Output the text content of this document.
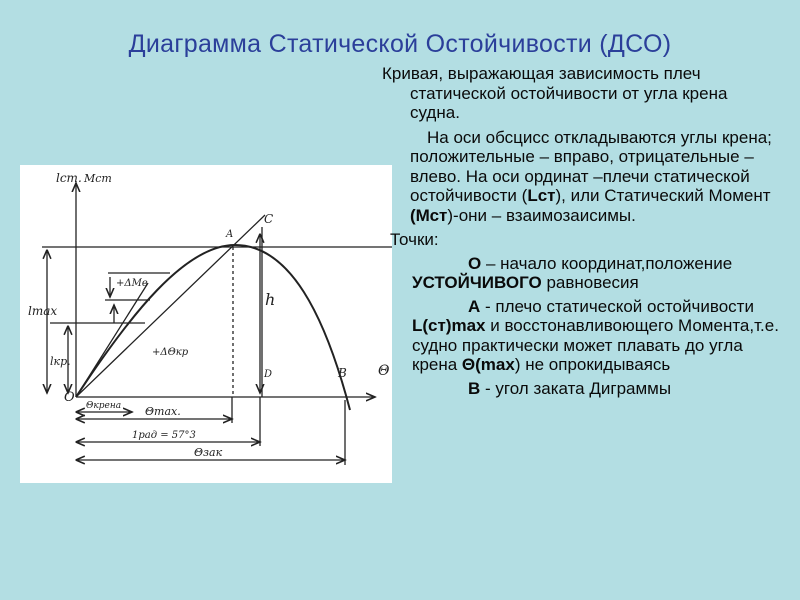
Диаграмма Статической Остойчивости (ДСО)
lст. Мст
Θ
O
A
B
C
D
h
lmax
lкр.
+ΔMв
+ΔΘкр
Θкрена Θmax.
1рад = 57°3
Θзак

Кривая, выражающая зависимость плеч статической остойчивости от угла крена судна.

На оси обсцисс откладываются углы крена; положительные – вправо, отрицательные – влево. На оси ординат –плечи статической остойчивости (Lст), или Статический Момент (Мст)-они – взаимозаисимы.

Точки:

О – начало координат,положение УСТОЙЧИВОГО равновесия

А - плечо статической остойчивости L(ст)max и восстонавливоющего Момента,т.е. судно практически может плавать до угла крена Θ(max) не опрокидываясь

В - угол заката Диграммы
